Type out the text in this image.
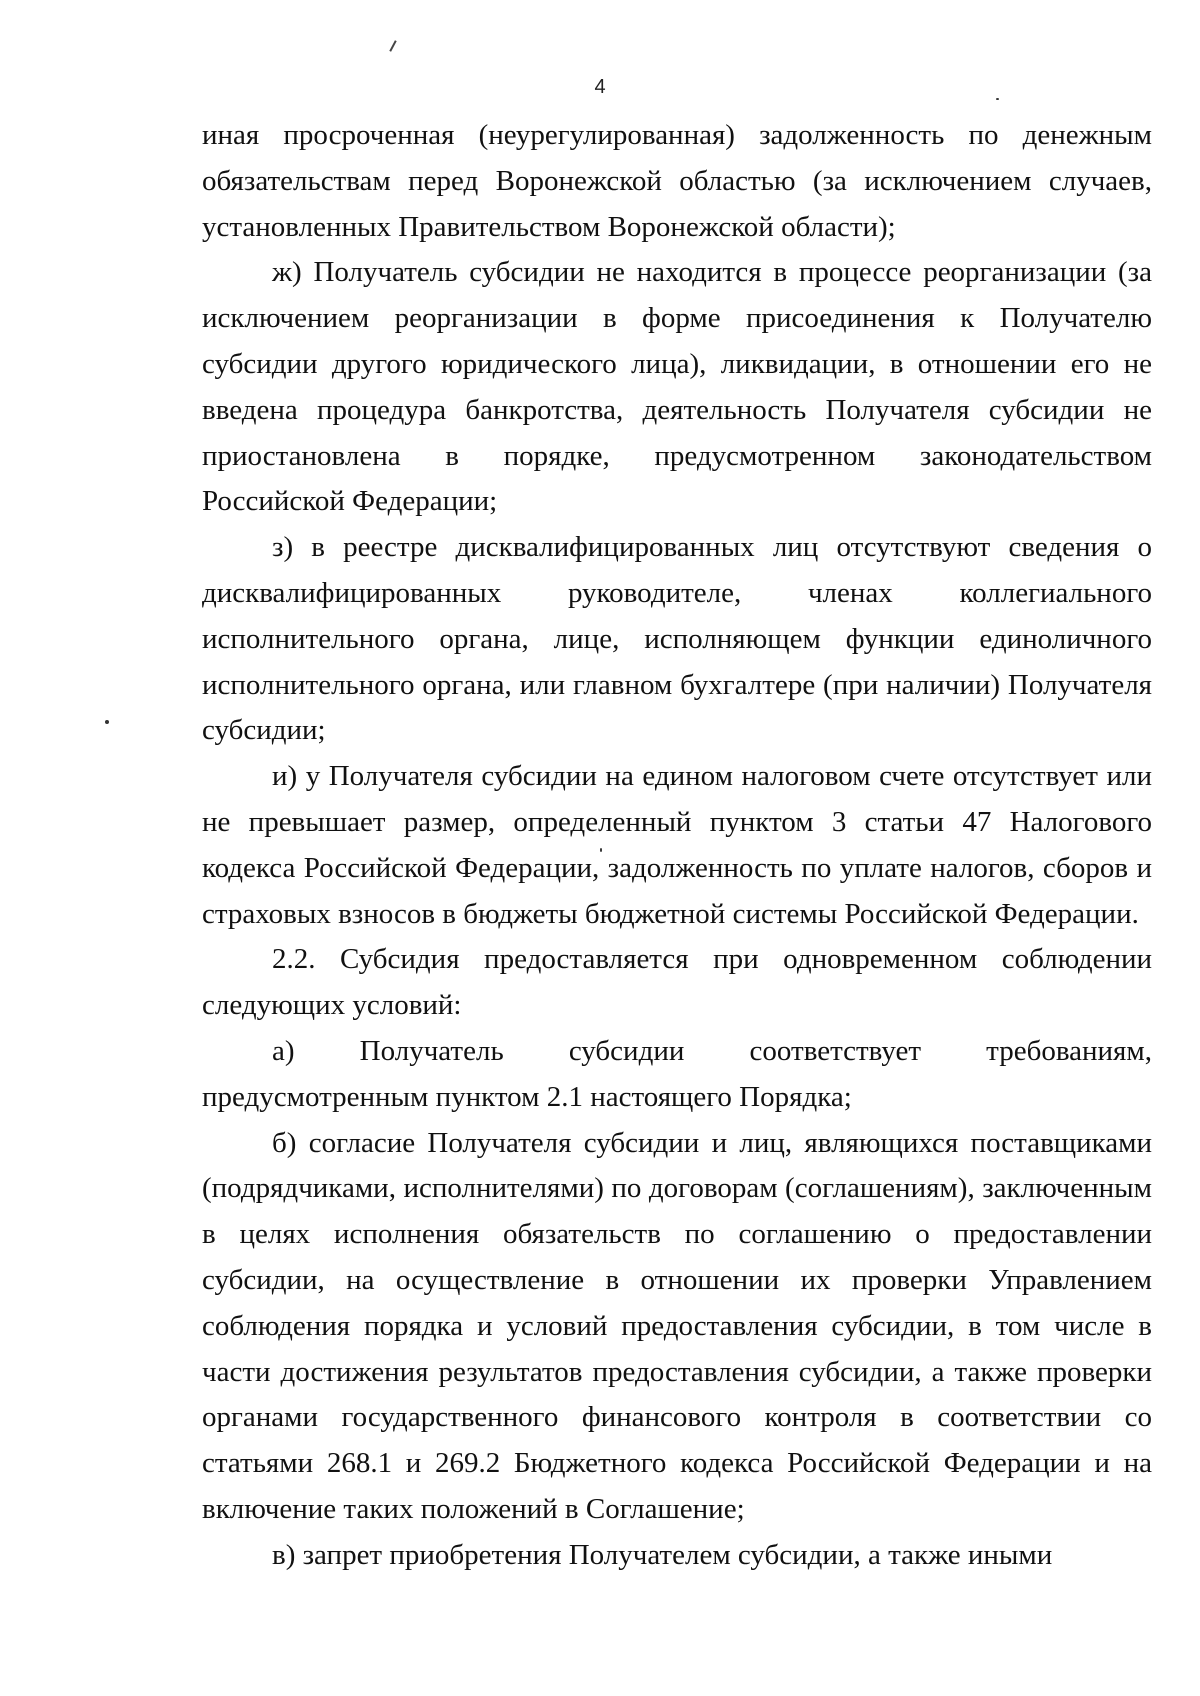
4

иная просроченная (неурегулированная) задолженность по денежным обязательствам перед Воронежской областью (за исключением случаев, установленных Правительством Воронежской области);

ж) Получатель субсидии не находится в процессе реорганизации (за исключением реорганизации в форме присоединения к Получателю субсидии другого юридического лица), ликвидации, в отношении его не введена процедура банкротства, деятельность Получателя субсидии не приостановлена в порядке, предусмотренном законодательством Российской Федерации;

з) в реестре дисквалифицированных лиц отсутствуют сведения о дисквалифицированных руководителе, членах коллегиального исполнительного органа, лице, исполняющем функции единоличного исполнительного органа, или главном бухгалтере (при наличии) Получателя субсидии;

и) у Получателя субсидии на едином налоговом счете отсутствует или не превышает размер, определенный пунктом 3 статьи 47 Налогового кодекса Российской Федерации, задолженность по уплате налогов, сборов и страховых взносов в бюджеты бюджетной системы Российской Федерации.

2.2. Субсидия предоставляется при одновременном соблюдении следующих условий:

а) Получатель субсидии соответствует требованиям, предусмотренным пунктом 2.1 настоящего Порядка;

б) согласие Получателя субсидии и лиц, являющихся поставщиками (подрядчиками, исполнителями) по договорам (соглашениям), заключенным в целях исполнения обязательств по соглашению о предоставлении субсидии, на осуществление в отношении их проверки Управлением соблюдения порядка и условий предоставления субсидии, в том числе в части достижения результатов предоставления субсидии, а также проверки органами государственного финансового контроля в соответствии со статьями 268.1 и 269.2 Бюджетного кодекса Российской Федерации и на включение таких положений в Соглашение;

в) запрет приобретения Получателем субсидии, а также иными
